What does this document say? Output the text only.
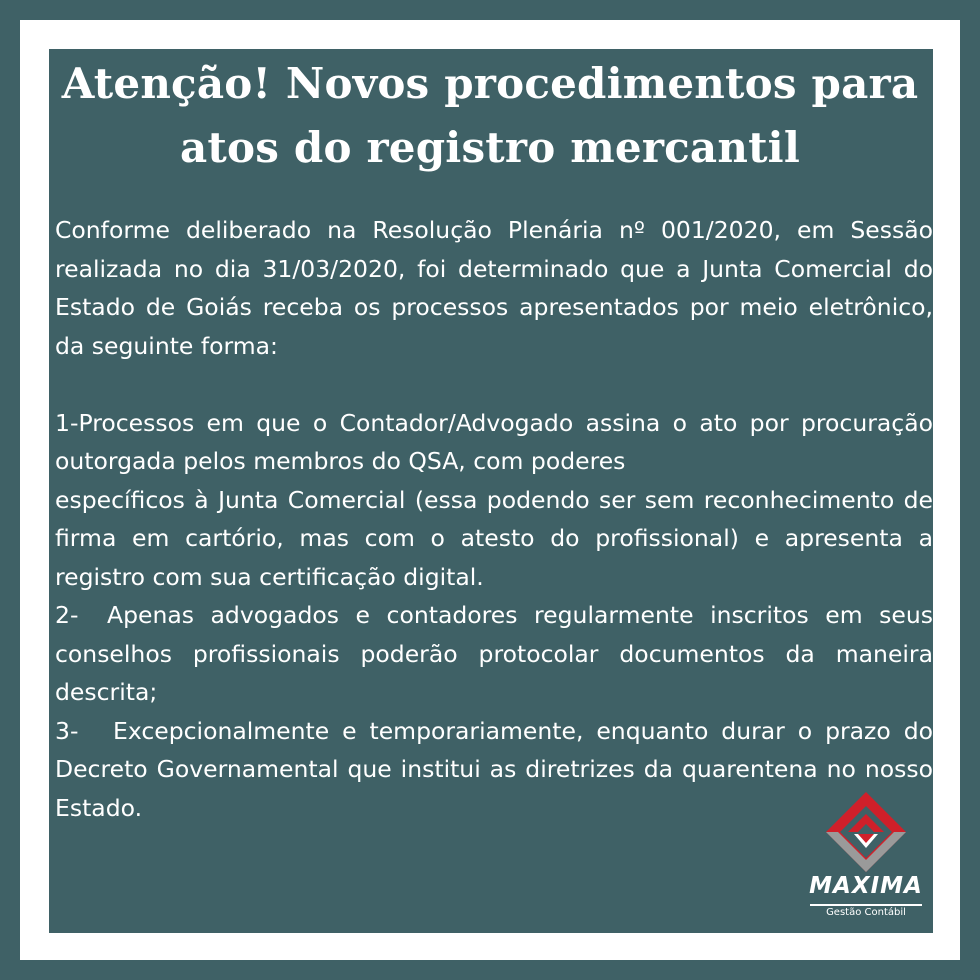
Atenção! Novos procedimentos para
atos do registro mercantil

Conforme deliberado na Resolução Plenária nº 001/2020, em Sessão realizada no dia 31/03/2020, foi determinado que a Junta Comercial do Estado de Goiás receba os processos apresentados por meio eletrônico, da seguinte forma:

1-Processos em que o Contador/Advogado assina o ato por procuração outorgada pelos membros do QSA, com poderes

específicos à Junta Comercial (essa podendo ser sem reconhecimento de firma em cartório, mas com o atesto do profissional) e apresenta a registro com sua certificação digital.

2- Apenas advogados e contadores regularmente inscritos em seus conselhos profissionais poderão protocolar documentos da maneira descrita;

3- Excepcionalmente e temporariamente, enquanto durar o prazo do Decreto Governamental que institui as diretrizes da quarentena no nosso Estado.

MAXIMA
Gestão Contábil
